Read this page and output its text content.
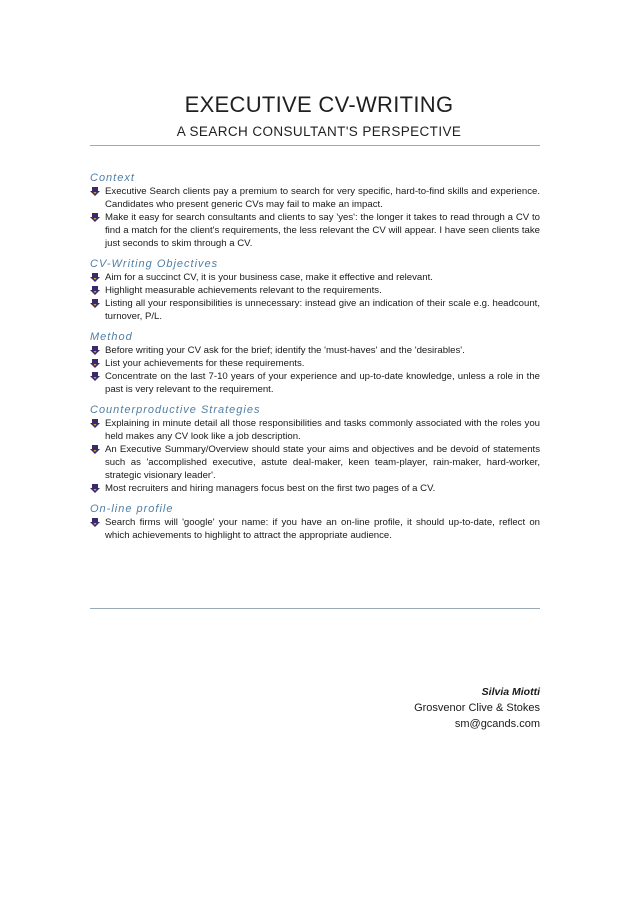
EXECUTIVE CV-WRITING
A SEARCH CONSULTANT'S PERSPECTIVE
Context
Executive Search clients pay a premium to search for very specific, hard-to-find skills and experience. Candidates who present generic CVs may fail to make an impact.
Make it easy for search consultants and clients to say 'yes': the longer it takes to read through a CV to find a match for the client's requirements, the less relevant the CV will appear. I have seen clients take just seconds to skim through a CV.
CV-Writing Objectives
Aim for a succinct CV, it is your business case, make it effective and relevant.
Highlight measurable achievements relevant to the requirements.
Listing all your responsibilities is unnecessary: instead give an indication of their scale e.g. headcount, turnover, P/L.
Method
Before writing your CV ask for the brief; identify the 'must-haves' and the 'desirables'.
List your achievements for these requirements.
Concentrate on the last 7-10 years of your experience and up-to-date knowledge, unless a role in the past is very relevant to the requirement.
Counterproductive Strategies
Explaining in minute detail all those responsibilities and tasks commonly associated with the roles you held makes any CV look like a job description.
An Executive Summary/Overview should state your aims and objectives and be devoid of statements such as 'accomplished executive, astute deal-maker, keen team-player, rain-maker, hard-worker, strategic visionary leader'.
Most recruiters and hiring managers focus best on the first two pages of a CV.
On-line profile
Search firms will 'google' your name: if you have an on-line profile, it should up-to-date, reflect on which achievements to highlight to attract the appropriate audience.
Silvia Miotti
Grosvenor Clive & Stokes
sm@gcands.com
